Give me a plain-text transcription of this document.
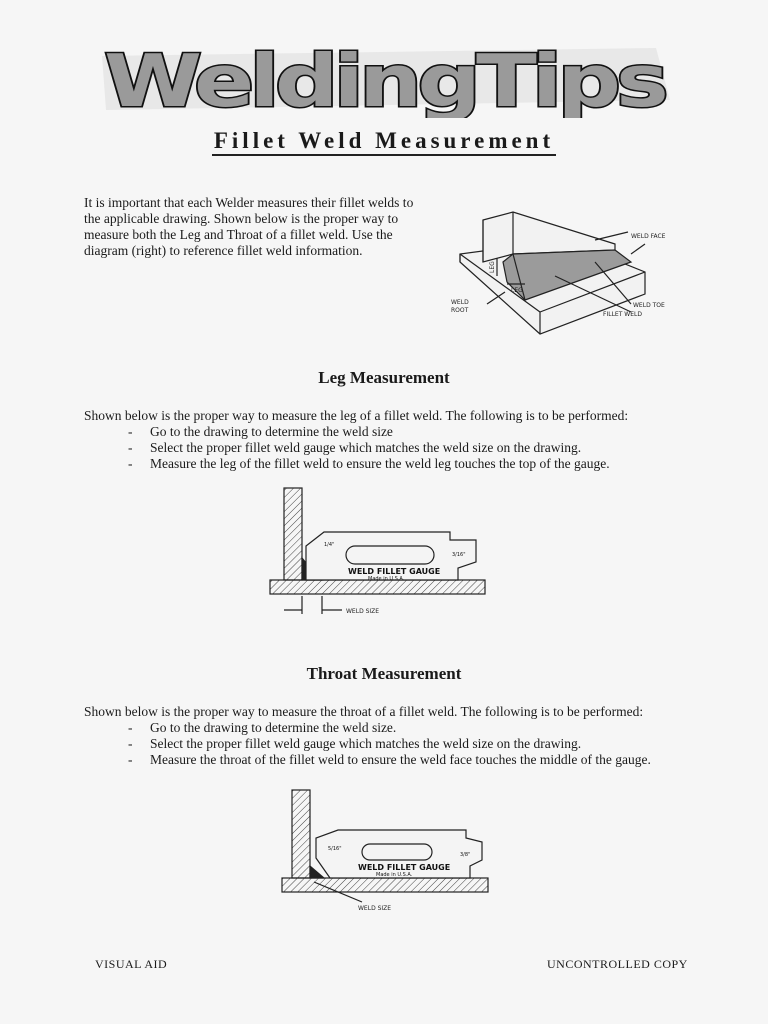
WeldingTips
Fillet Weld Measurement
It is important that each Welder measures their fillet welds to
the applicable drawing. Shown below is the proper way to
measure both the Leg and Throat of a fillet weld. Use the
diagram (right) to reference fillet weld information.
WELD FACE
LEG
LEG
WELD
ROOT
WELD TOE
FILLET WELD
Leg Measurement
Shown below is the proper way to measure the leg of a fillet weld. The following is to be performed:
-	Go to the drawing to determine the weld size
-	Select the proper fillet weld gauge which matches the weld size on the drawing.
-	Measure the leg of the fillet weld to ensure the weld leg touches the top of the gauge.
1/4"
3/16"
WELD FILLET GAUGE
Made in U.S.A.
WELD SIZE
Throat Measurement
Shown below is the proper way to measure the throat of a fillet weld. The following is to be performed:
-	Go to the drawing to determine the weld size.
-	Select the proper fillet weld gauge which matches the weld size on the drawing.
-	Measure the throat of the fillet weld to ensure the weld face touches the middle of the gauge.
5/16"
3/8"
WELD FILLET GAUGE
Made in U.S.A.
WELD SIZE
VISUAL AID	UNCONTROLLED COPY
